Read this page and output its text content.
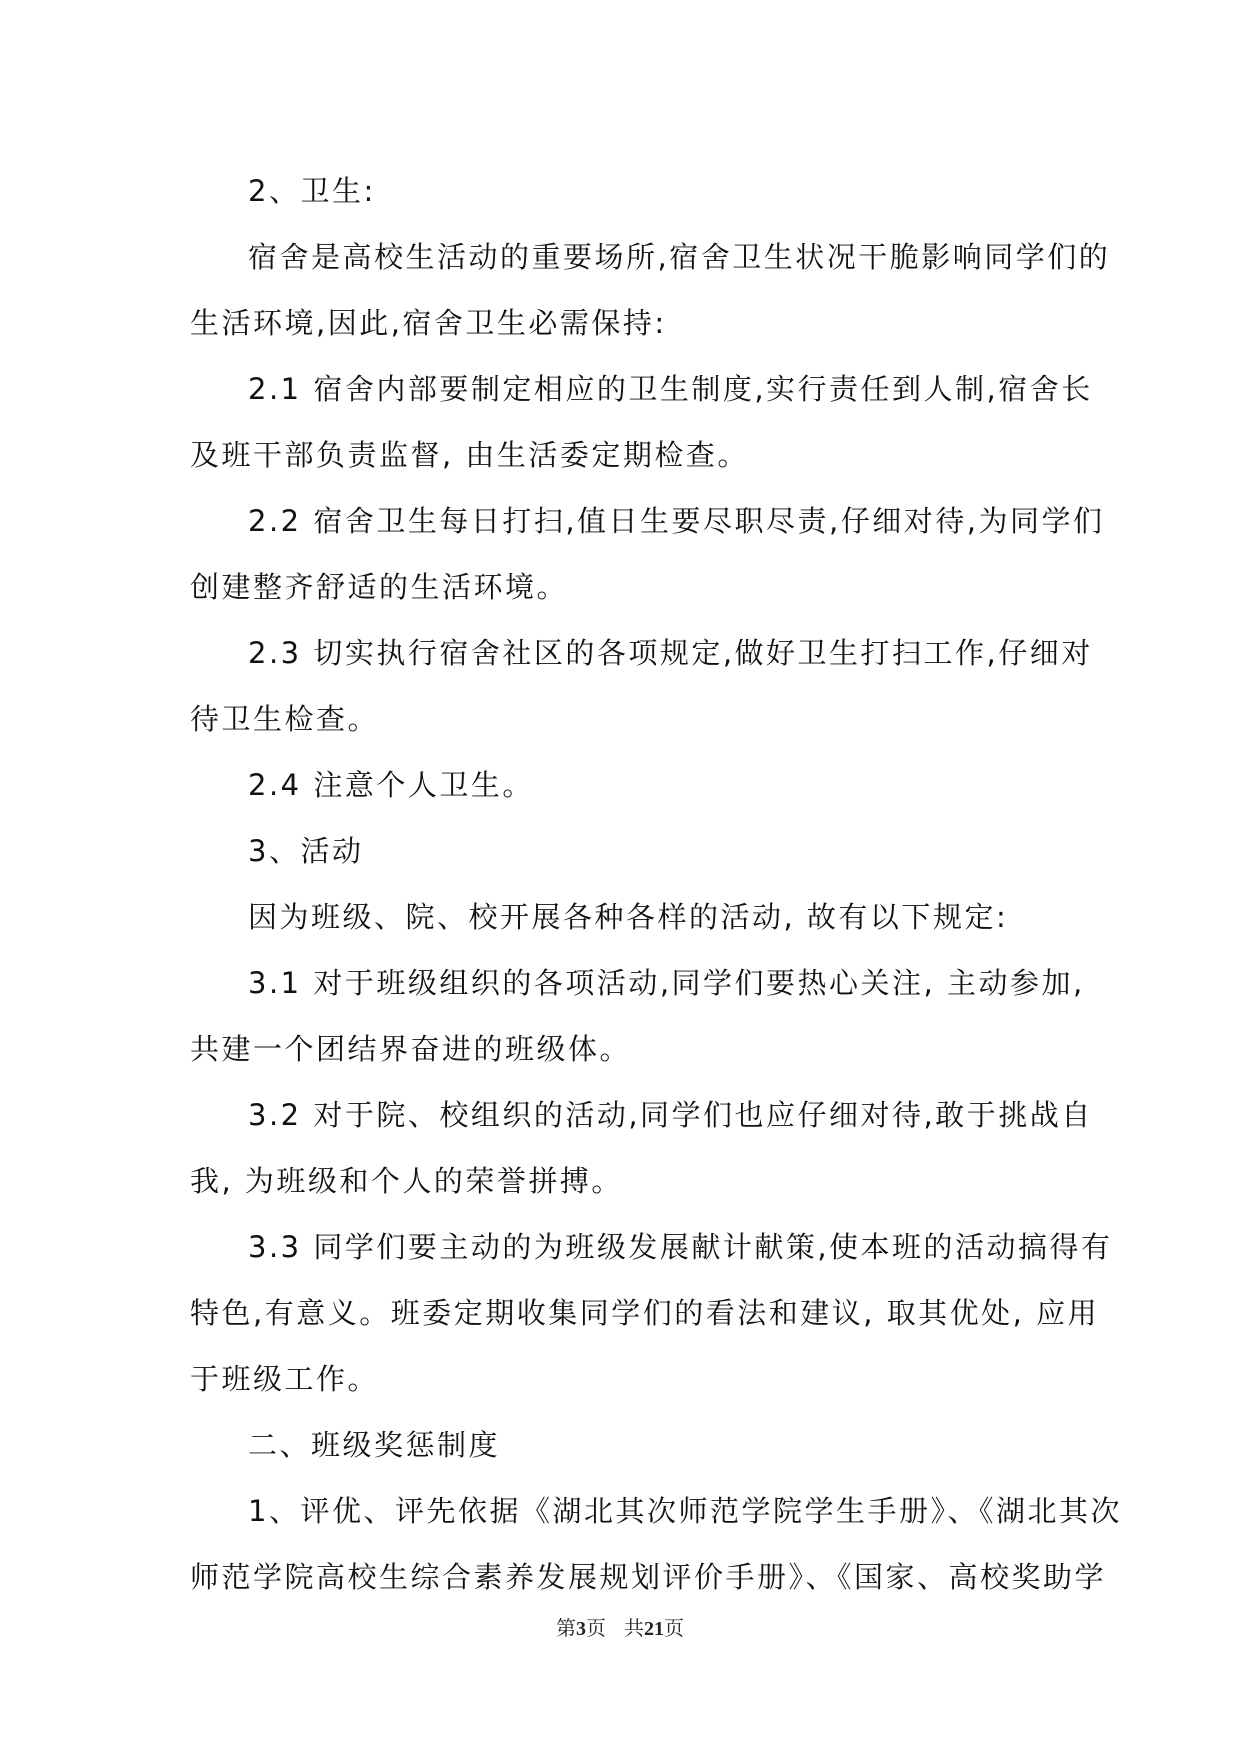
2、卫生:

宿舍是高校生活动的重要场所,宿舍卫生状况干脆影响同学们的

生活环境,因此,宿舍卫生必需保持:

2.1 宿舍内部要制定相应的卫生制度,实行责任到人制,宿舍长

及班干部负责监督, 由生活委定期检查。

2.2 宿舍卫生每日打扫,值日生要尽职尽责,仔细对待,为同学们

创建整齐舒适的生活环境。

2.3 切实执行宿舍社区的各项规定,做好卫生打扫工作,仔细对

待卫生检查。

2.4 注意个人卫生。

3、活动

因为班级、院、校开展各种各样的活动, 故有以下规定:

3.1 对于班级组织的各项活动,同学们要热心关注, 主动参加,

共建一个团结界奋进的班级体。

3.2 对于院、校组织的活动,同学们也应仔细对待,敢于挑战自

我, 为班级和个人的荣誉拼搏。

3.3 同学们要主动的为班级发展献计献策,使本班的活动搞得有

特色,有意义。班委定期收集同学们的看法和建议, 取其优处, 应用

于班级工作。

二、班级奖惩制度

1、评优、评先依据《湖北其次师范学院学生手册》、《湖北其次

师范学院高校生综合素养发展规划评价手册》、《国家、高校奖助学

第3页 共21页
